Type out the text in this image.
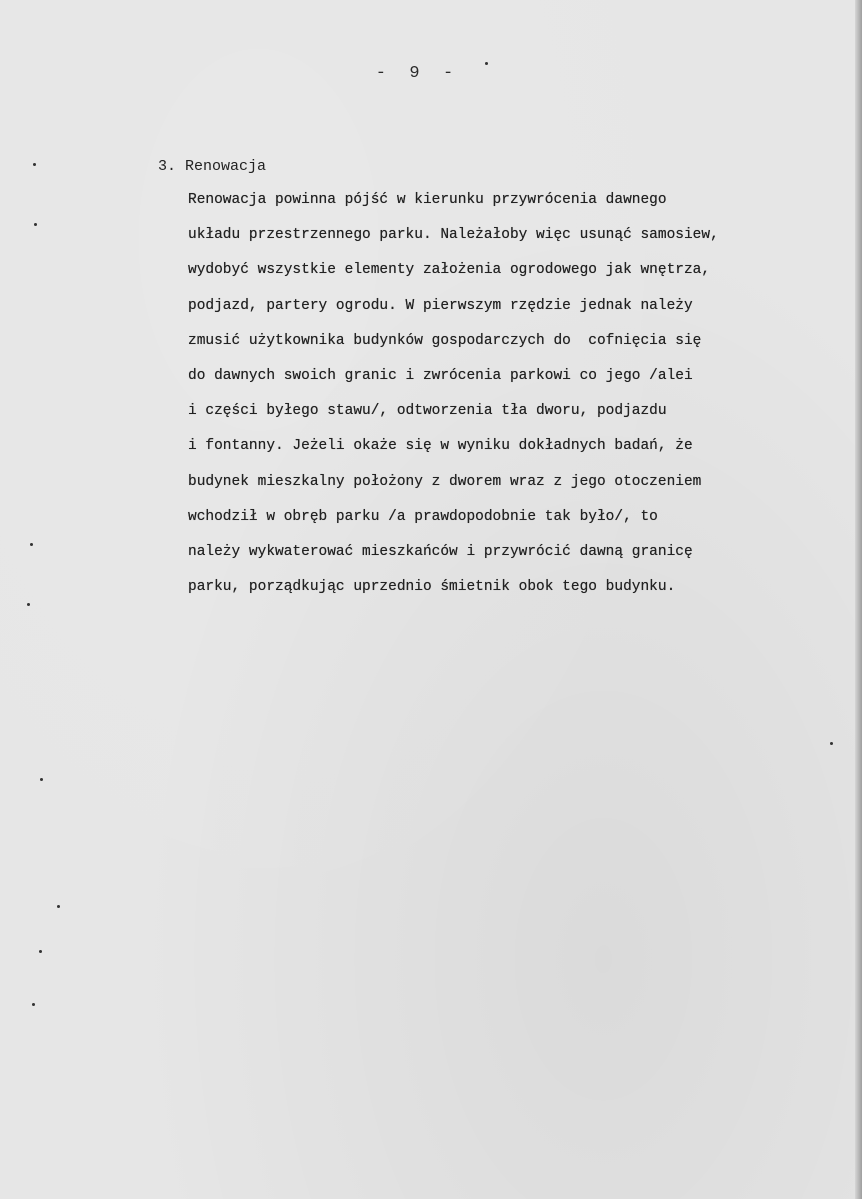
-  9  -
3. Renowacja
Renowacja powinna pójść w kierunku przywrócenia dawnego
układu przestrzennego parku. Należałoby więc usunąć samosiew,
wydobyć wszystkie elementy założenia ogrodowego jak wnętrza,
podjazd, partery ogrodu. W pierwszym rzędzie jednak należy
zmusić użytkownika budynków gospodarczych do  cofnięcia się
do dawnych swoich granic i zwrócenia parkowi co jego /alei
i części byłego stawu/, odtworzenia tła dworu, podjazdu
i fontanny. Jeżeli okaże się w wyniku dokładnych badań, że
budynek mieszkalny położony z dworem wraz z jego otoczeniem
wchodził w obręb parku /a prawdopodobnie tak było/, to
należy wykwaterować mieszkańców i przywrócić dawną granicę
parku, porządkując uprzednio śmietnik obok tego budynku.
